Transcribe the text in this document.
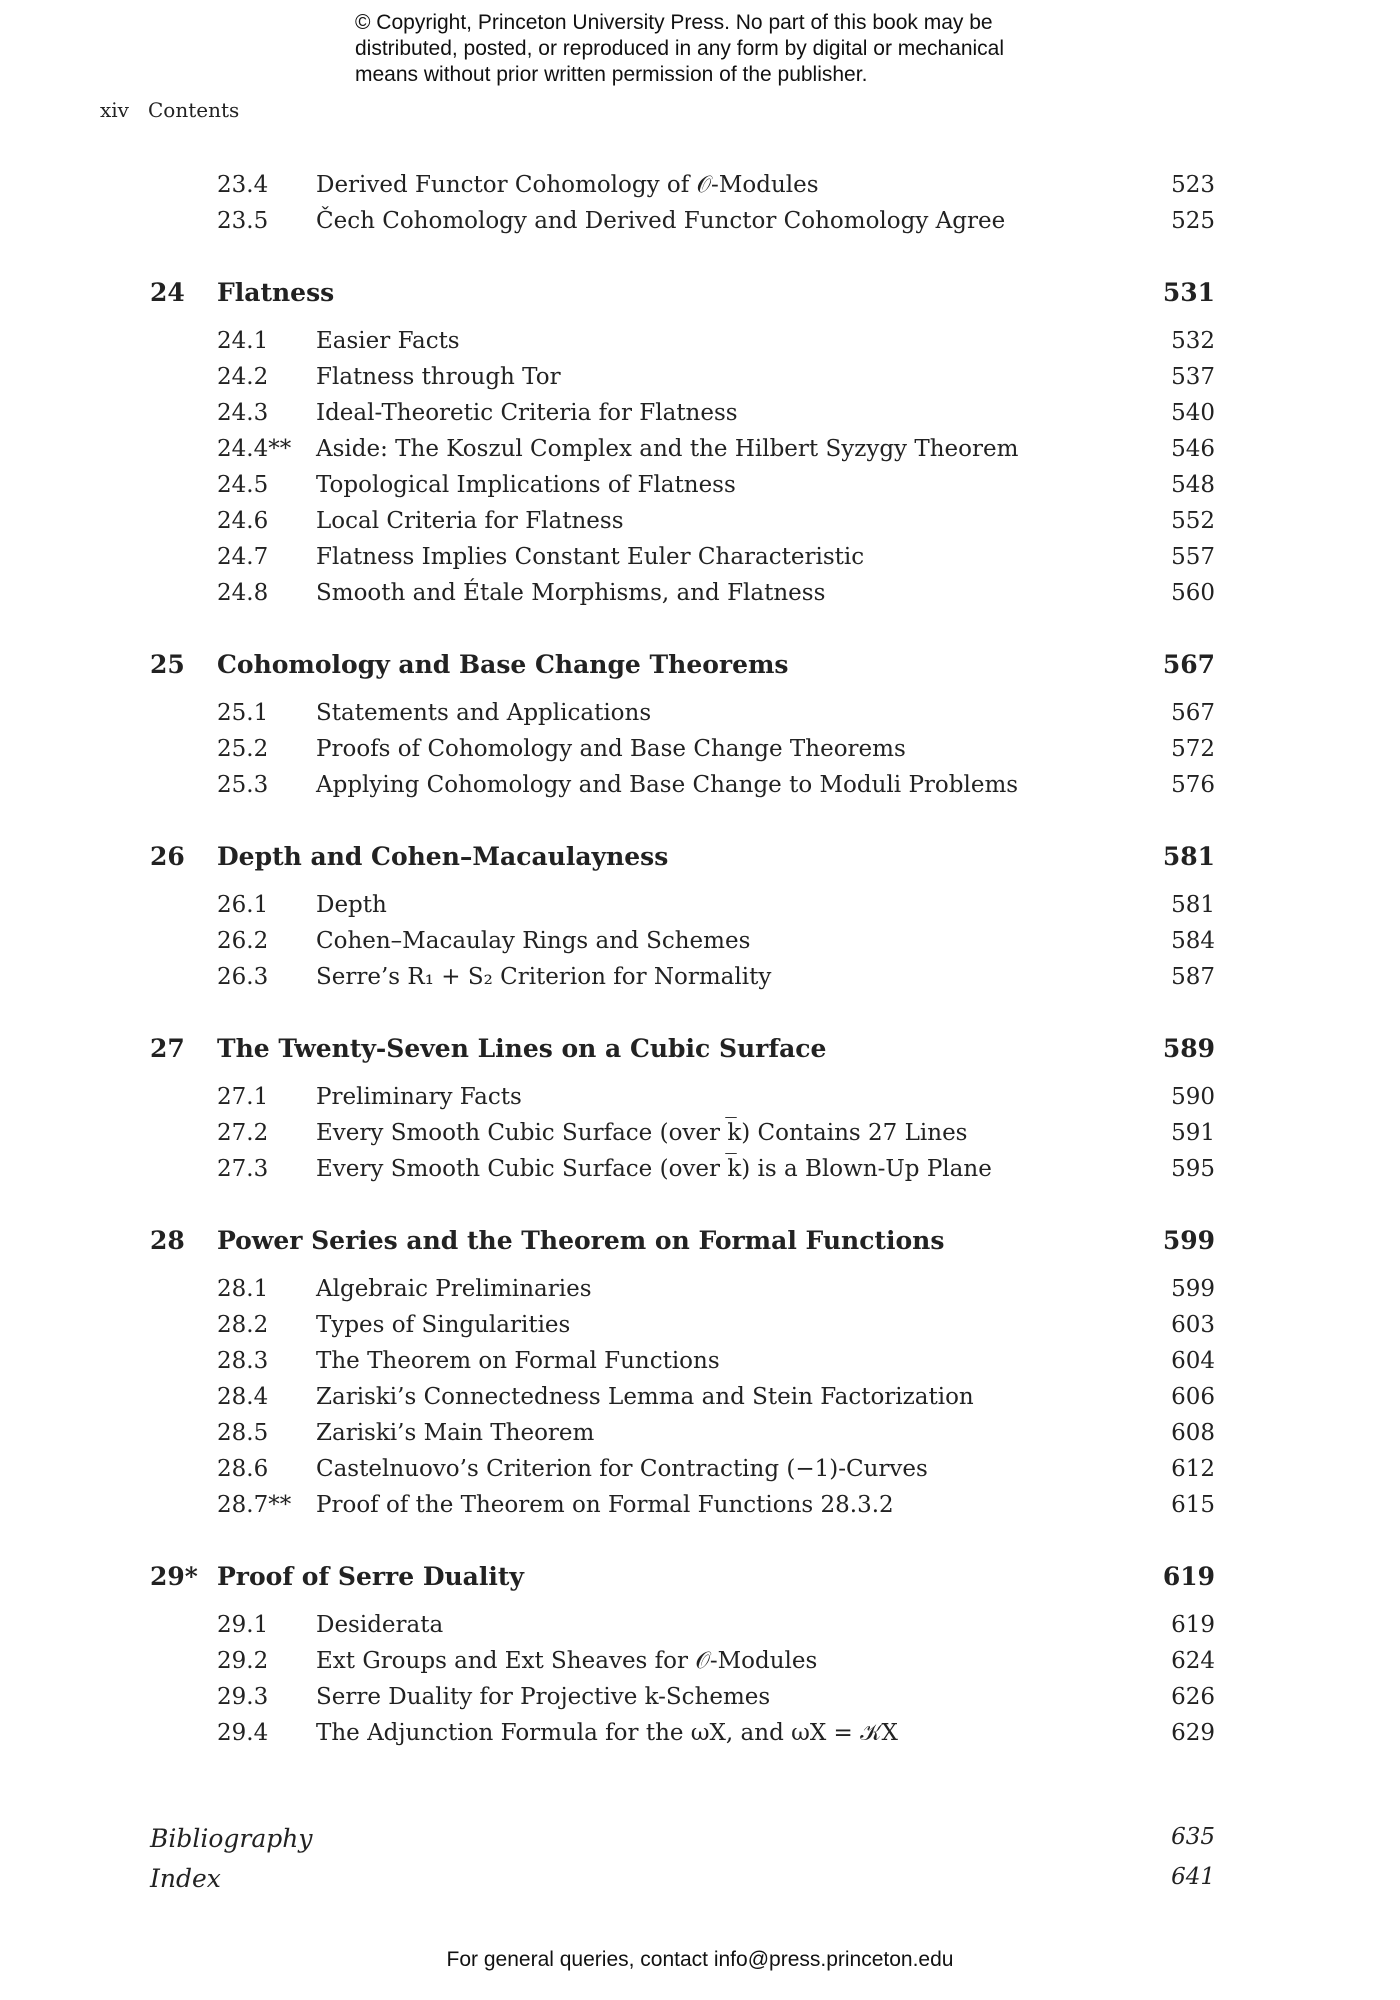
© Copyright, Princeton University Press. No part of this book may be
distributed, posted, or reproduced in any form by digital or mechanical
means without prior written permission of the publisher.
xiv Contents
23.4 Derived Functor Cohomology of 𝒪-Modules	523
23.5 Čech Cohomology and Derived Functor Cohomology Agree	525
24 Flatness	531
24.1 Easier Facts	532
24.2 Flatness through Tor	537
24.3 Ideal-Theoretic Criteria for Flatness	540
24.4** Aside: The Koszul Complex and the Hilbert Syzygy Theorem	546
24.5 Topological Implications of Flatness	548
24.6 Local Criteria for Flatness	552
24.7 Flatness Implies Constant Euler Characteristic	557
24.8 Smooth and Étale Morphisms, and Flatness	560
25 Cohomology and Base Change Theorems	567
25.1 Statements and Applications	567
25.2 Proofs of Cohomology and Base Change Theorems	572
25.3 Applying Cohomology and Base Change to Moduli Problems	576
26 Depth and Cohen–Macaulayness	581
26.1 Depth	581
26.2 Cohen–Macaulay Rings and Schemes	584
26.3 Serre’s R₁ + S₂ Criterion for Normality	587
27 The Twenty-Seven Lines on a Cubic Surface	589
27.1 Preliminary Facts	590
27.2 Every Smooth Cubic Surface (over k̅) Contains 27 Lines	591
27.3 Every Smooth Cubic Surface (over k̅) is a Blown-Up Plane	595
28 Power Series and the Theorem on Formal Functions	599
28.1 Algebraic Preliminaries	599
28.2 Types of Singularities	603
28.3 The Theorem on Formal Functions	604
28.4 Zariski’s Connectedness Lemma and Stein Factorization	606
28.5 Zariski’s Main Theorem	608
28.6 Castelnuovo’s Criterion for Contracting (−1)-Curves	612
28.7** Proof of the Theorem on Formal Functions 28.3.2	615
29* Proof of Serre Duality	619
29.1 Desiderata	619
29.2 Ext Groups and Ext Sheaves for 𝒪-Modules	624
29.3 Serre Duality for Projective k-Schemes	626
29.4 The Adjunction Formula for the ωX, and ωX = 𝒦X	629
Bibliography	635
Index	641
For general queries, contact info@press.princeton.edu
